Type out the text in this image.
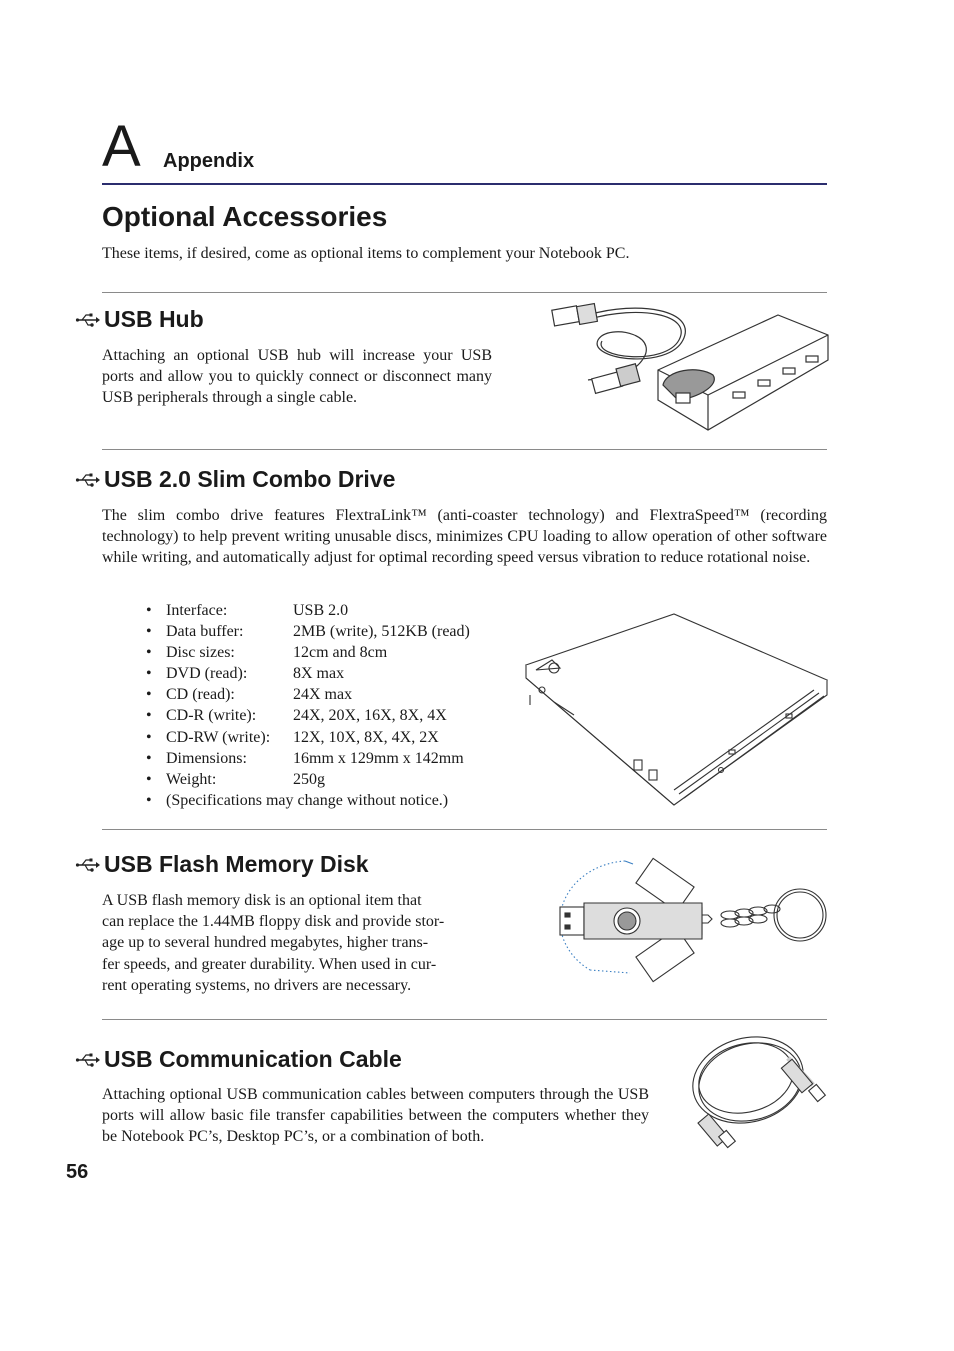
A Appendix
Optional Accessories
These items, if desired, come as optional items to complement your Notebook PC.
USB Hub
Attaching an optional USB hub will increase your USB ports and allow you to quickly connect or disconnect many USB peripherals through a single cable.
USB 2.0 Slim Combo Drive
The slim combo drive features FlextraLink™ (anti-coaster technology) and FlextraSpeed™ (recording technology) to help prevent writing unusable discs, minimizes CPU loading to allow operation of other software while writing, and automatically adjust for optimal recording speed versus vibration to reduce rotational noise.
• Interface:	USB 2.0
• Data buffer:	2MB (write), 512KB (read)
• Disc sizes:	12cm and 8cm
• DVD (read):	8X max
• CD (read):	24X max
• CD-R (write):	24X, 20X, 16X, 8X, 4X
• CD-RW (write):	12X, 10X, 8X, 4X, 2X
• Dimensions:	16mm x 129mm x 142mm
• Weight:	250g
• (Specifications may change without notice.)
USB Flash Memory Disk
A USB flash memory disk is an optional item that
can replace the 1.44MB floppy disk and provide stor-
age up to several hundred megabytes, higher trans-
fer speeds, and greater durability. When used in cur-
rent operating systems, no drivers are necessary.
USB Communication Cable
Attaching optional USB communication cables between computers through the USB ports will allow basic file transfer capabilities between the computers whether they be Notebook PC’s, Desktop PC’s, or a combination of both.
56
